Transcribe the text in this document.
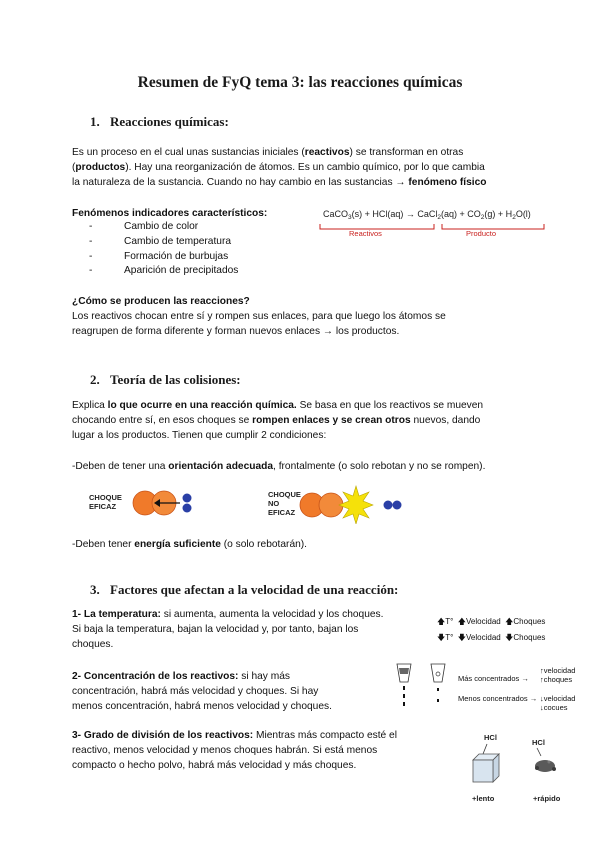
Resumen de FyQ tema 3: las reacciones químicas
1. Reacciones químicas:
Es un proceso en el cual unas sustancias iniciales (reactivos) se transforman en otras
(productos). Hay una reorganización de átomos. Es un cambio químico, por lo que cambia
la naturaleza de la sustancia. Cuando no hay cambio en las sustancias → fenómeno físico
Fenómenos indicadores característicos:
-	Cambio de color
-	Cambio de temperatura
-	Formación de burbujas
-	Aparición de precipitados
CaCO$_3$(s) + HCl(aq) → CaCl$_2$(aq) + $CO_2(g) + H_2O(l)$
Reactivos	Producto
¿Cómo se producen las reacciones?
Los reactivos chocan entre sí y rompen sus enlaces, para que luego los átomos se
reagrupen de forma diferente y forman nuevos enlaces → los productos.
2. Teoría de las colisiones:
Explica lo que ocurre en una reacción química. Se basa en que los reactivos se mueven
chocando entre sí, en esos choques se rompen enlaces y se crean otros nuevos, dando
lugar a los productos. Tienen que cumplir 2 condiciones:
-Deben de tener una orientación adecuada, frontalmente (o solo rebotan y no se rompen).
CHOQUE
EFICAZ
CHOQUE
NO
EFICAZ
-Deben tener energía suficiente (o solo rebotarán).
3. Factores que afectan a la velocidad de una reacción:
1- La temperatura: si aumenta, aumenta la velocidad y los choques.
Si baja la temperatura, bajan la velocidad y, por tanto, bajan los
choques.
🡅T° 🡅Velocidad 🡅Choques
🡇T° 🡇Velocidad 🡇Choques
2- Concentración de los reactivos: si hay más
concentración, habrá más velocidad y choques. Si hay
menos concentración, habrá menos velocidad y choques.
Más concentrados →
↑velocidad
↑choques
Menos concentrados → ↓velocidad
↓cocues
3- Grado de división de los reactivos: Mientras más compacto esté el
reactivo, menos velocidad y menos choques habrán. Si está menos
compacto o hecho polvo, habrá más velocidad y más choques.
HCl
HCl
+lento	+rápido
